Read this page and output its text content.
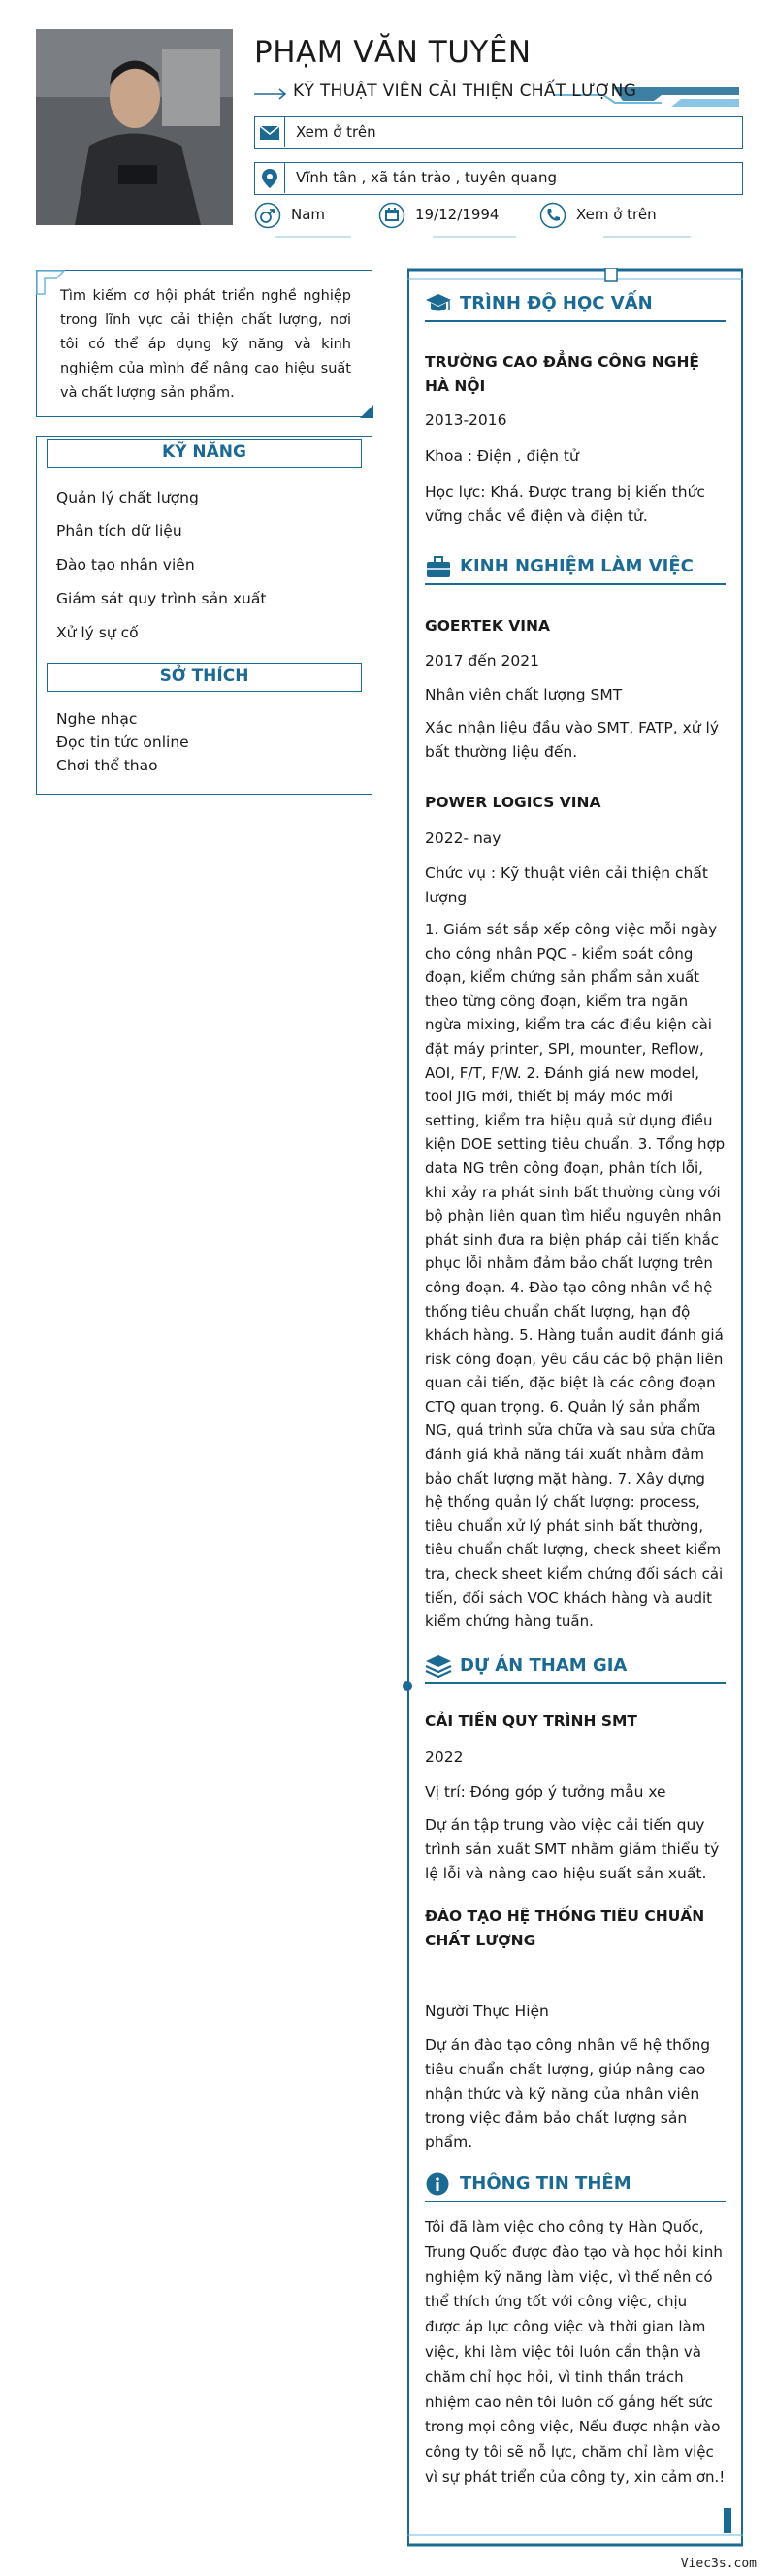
PHẠM VĂN TUYÊN
KỸ THUẬT VIÊN CẢI THIỆN CHẤT LƯỢNG
Xem ở trên
Vĩnh tân , xã tân trào , tuyên quang
Nam	19/12/1994	Xem ở trên
Tìm kiếm cơ hội phát triển nghề nghiệp trong lĩnh vực cải thiện chất lượng, nơi tôi có thể áp dụng kỹ năng và kinh nghiệm của mình để nâng cao hiệu suất và chất lượng sản phẩm.
KỸ NĂNG
Quản lý chất lượng
Phân tích dữ liệu
Đào tạo nhân viên
Giám sát quy trình sản xuất
Xử lý sự cố
SỞ THÍCH
Nghe nhạc
Đọc tin tức online
Chơi thể thao
TRÌNH ĐỘ HỌC VẤN
TRƯỜNG CAO ĐẲNG CÔNG NGHỆ HÀ NỘI
2013-2016
Khoa : Điện , điện tử
Học lực: Khá. Được trang bị kiến thức vững chắc về điện và điện tử.
KINH NGHIỆM LÀM VIỆC
GOERTEK VINA
2017 đến 2021
Nhân viên chất lượng SMT
Xác nhận liệu đầu vào SMT, FATP, xử lý bất thường liệu đến.
POWER LOGICS VINA
2022- nay
Chức vụ : Kỹ thuật viên cải thiện chất lượng
1. Giám sát sắp xếp công việc mỗi ngày cho công nhân PQC - kiểm soát công đoạn, kiểm chứng sản phẩm sản xuất theo từng công đoạn, kiểm tra ngăn ngừa mixing, kiểm tra các điều kiện cài đặt máy printer, SPI, mounter, Reflow, AOI, F/T, F/W. 2. Đánh giá new model, tool JIG mới, thiết bị máy móc mới setting, kiểm tra hiệu quả sử dụng điều kiện DOE setting tiêu chuẩn. 3. Tổng hợp data NG trên công đoạn, phân tích lỗi, khi xảy ra phát sinh bất thường cùng với bộ phận liên quan tìm hiểu nguyên nhân phát sinh đưa ra biện pháp cải tiến khắc phục lỗi nhằm đảm bảo chất lượng trên công đoạn. 4. Đào tạo công nhân về hệ thống tiêu chuẩn chất lượng, hạn độ khách hàng. 5. Hàng tuần audit đánh giá risk công đoạn, yêu cầu các bộ phận liên quan cải tiến, đặc biệt là các công đoạn CTQ quan trọng. 6. Quản lý sản phẩm NG, quá trình sửa chữa và sau sửa chữa đánh giá khả năng tái xuất nhằm đảm bảo chất lượng mặt hàng. 7. Xây dựng hệ thống quản lý chất lượng: process, tiêu chuẩn xử lý phát sinh bất thường, tiêu chuẩn chất lượng, check sheet kiểm tra, check sheet kiểm chứng đối sách cải tiến, đối sách VOC khách hàng và audit kiểm chứng hàng tuần.
DỰ ÁN THAM GIA
CẢI TIẾN QUY TRÌNH SMT
2022
Vị trí: Đóng góp ý tưởng mẫu xe
Dự án tập trung vào việc cải tiến quy trình sản xuất SMT nhằm giảm thiểu tỷ lệ lỗi và nâng cao hiệu suất sản xuất.
ĐÀO TẠO HỆ THỐNG TIÊU CHUẨN CHẤT LƯỢNG
Người Thực Hiện
Dự án đào tạo công nhân về hệ thống tiêu chuẩn chất lượng, giúp nâng cao nhận thức và kỹ năng của nhân viên trong việc đảm bảo chất lượng sản phẩm.
THÔNG TIN THÊM
Tôi đã làm việc cho công ty Hàn Quốc, Trung Quốc được đào tạo và học hỏi kinh nghiệm kỹ năng làm việc, vì thế nên có thể thích ứng tốt với công việc, chịu được áp lực công việc và thời gian làm việc, khi làm việc tôi luôn cẩn thận và chăm chỉ học hỏi, vì tinh thần trách nhiệm cao nên tôi luôn cố gắng hết sức trong mọi công việc, Nếu được nhận vào công ty tôi sẽ nỗ lực, chăm chỉ làm việc vì sự phát triển của công ty, xin cảm ơn.!
Viec3s.com
